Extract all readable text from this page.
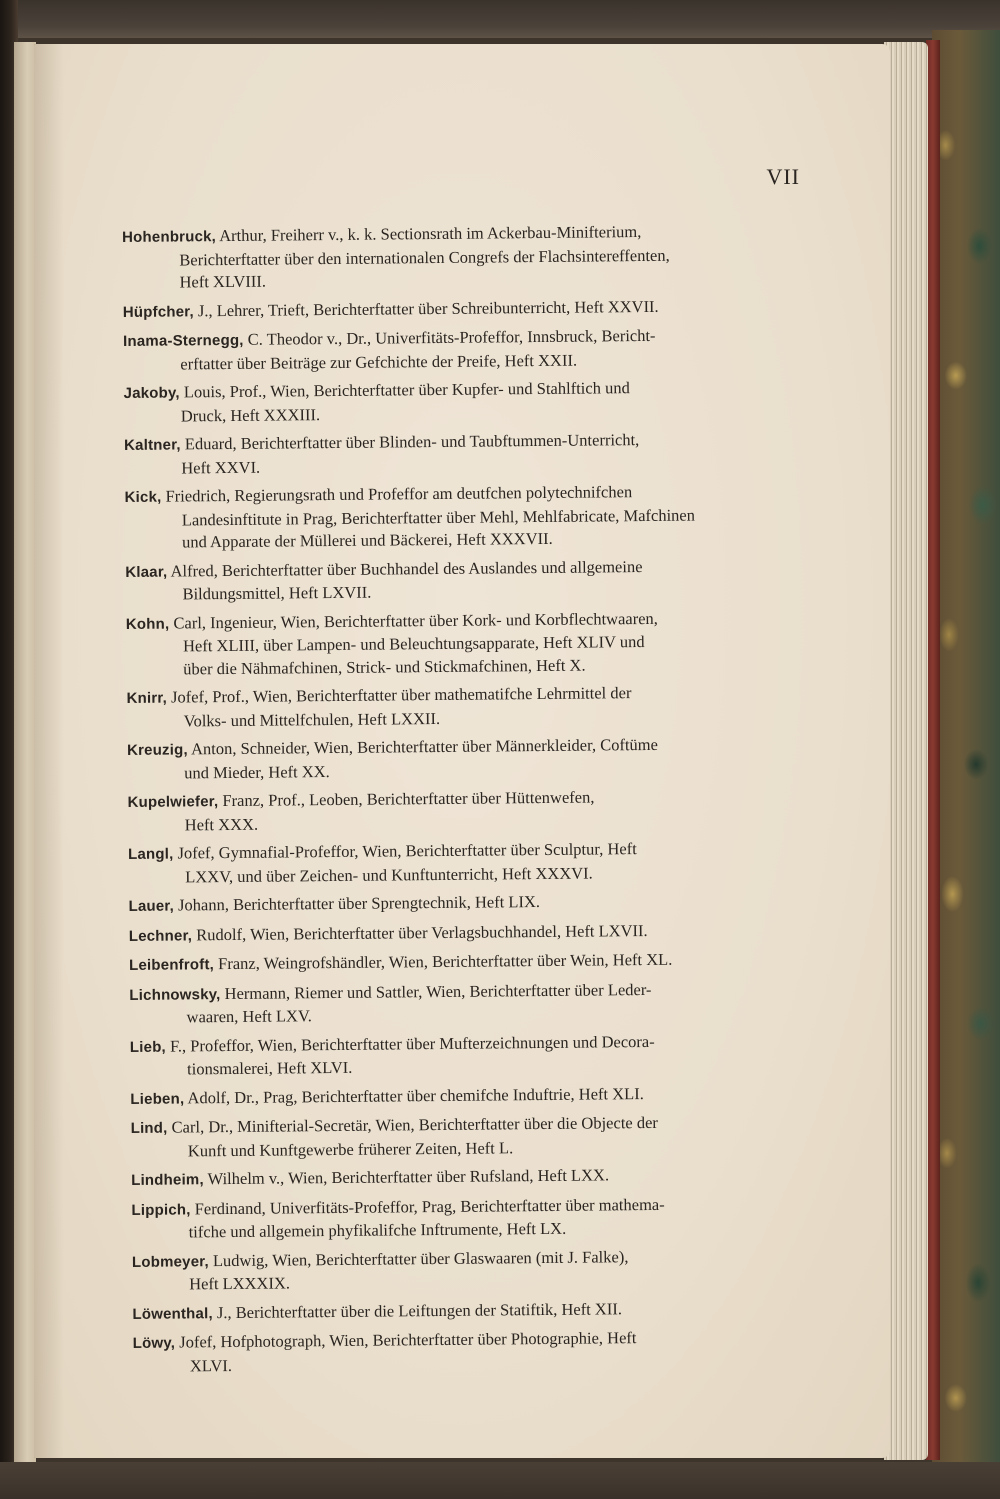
VII

Hohenbruck, Arthur, Freiherr v., k. k. Sectionsrath im Ackerbau-Minifterium,
Berichterftatter über den internationalen Congrefs der Flachsintereffenten,
Heft XLVIII.

Hüpfcher, J., Lehrer, Trieft, Berichterftatter über Schreibunterricht, Heft XXVII.

Inama-Sternegg, C. Theodor v., Dr., Univerfitäts-Profeffor, Innsbruck, Bericht-
erftatter über Beiträge zur Gefchichte der Preife, Heft XXII.

Jakoby, Louis, Prof., Wien, Berichterftatter über Kupfer- und Stahlftich und
Druck, Heft XXXIII.

Kaltner, Eduard, Berichterftatter über Blinden- und Taubftummen-Unterricht,
Heft XXVI.

Kick, Friedrich, Regierungsrath und Profeffor am deutfchen polytechnifchen
Landesinftitute in Prag, Berichterftatter über Mehl, Mehlfabricate, Mafchinen
und Apparate der Müllerei und Bäckerei, Heft XXXVII.

Klaar, Alfred, Berichterftatter über Buchhandel des Auslandes und allgemeine
Bildungsmittel, Heft LXVII.

Kohn, Carl, Ingenieur, Wien, Berichterftatter über Kork- und Korbflechtwaaren,
Heft XLIII, über Lampen- und Beleuchtungsapparate, Heft XLIV und
über die Nähmafchinen, Strick- und Stickmafchinen, Heft X.

Knirr, Jofef, Prof., Wien, Berichterftatter über mathematifche Lehrmittel der
Volks- und Mittelfchulen, Heft LXXII.

Kreuzig, Anton, Schneider, Wien, Berichterftatter über Männerkleider, Coftüme
und Mieder, Heft XX.

Kupelwiefer, Franz, Prof., Leoben, Berichterftatter über Hüttenwefen,
Heft XXX.

Langl, Jofef, Gymnafial-Profeffor, Wien, Berichterftatter über Sculptur, Heft
LXXV, und über Zeichen- und Kunftunterricht, Heft XXXVI.

Lauer, Johann, Berichterftatter über Sprengtechnik, Heft LIX.

Lechner, Rudolf, Wien, Berichterftatter über Verlagsbuchhandel, Heft LXVII.

Leibenfroft, Franz, Weingrofshändler, Wien, Berichterftatter über Wein, Heft XL.

Lichnowsky, Hermann, Riemer und Sattler, Wien, Berichterftatter über Leder-
waaren, Heft LXV.

Lieb, F., Profeffor, Wien, Berichterftatter über Mufterzeichnungen und Decora-
tionsmalerei, Heft XLVI.

Lieben, Adolf, Dr., Prag, Berichterftatter über chemifche Induftrie, Heft XLI.

Lind, Carl, Dr., Minifterial-Secretär, Wien, Berichterftatter über die Objecte der
Kunft und Kunftgewerbe früherer Zeiten, Heft L.

Lindheim, Wilhelm v., Wien, Berichterftatter über Rufsland, Heft LXX.

Lippich, Ferdinand, Univerfitäts-Profeffor, Prag, Berichterftatter über mathema-
tifche und allgemein phyfikalifche Inftrumente, Heft LX.

Lobmeyer, Ludwig, Wien, Berichterftatter über Glaswaaren (mit J. Falke),
Heft LXXXIX.

Löwenthal, J., Berichterftatter über die Leiftungen der Statiftik, Heft XII.

Löwy, Jofef, Hofphotograph, Wien, Berichterftatter über Photographie, Heft
XLVI.
